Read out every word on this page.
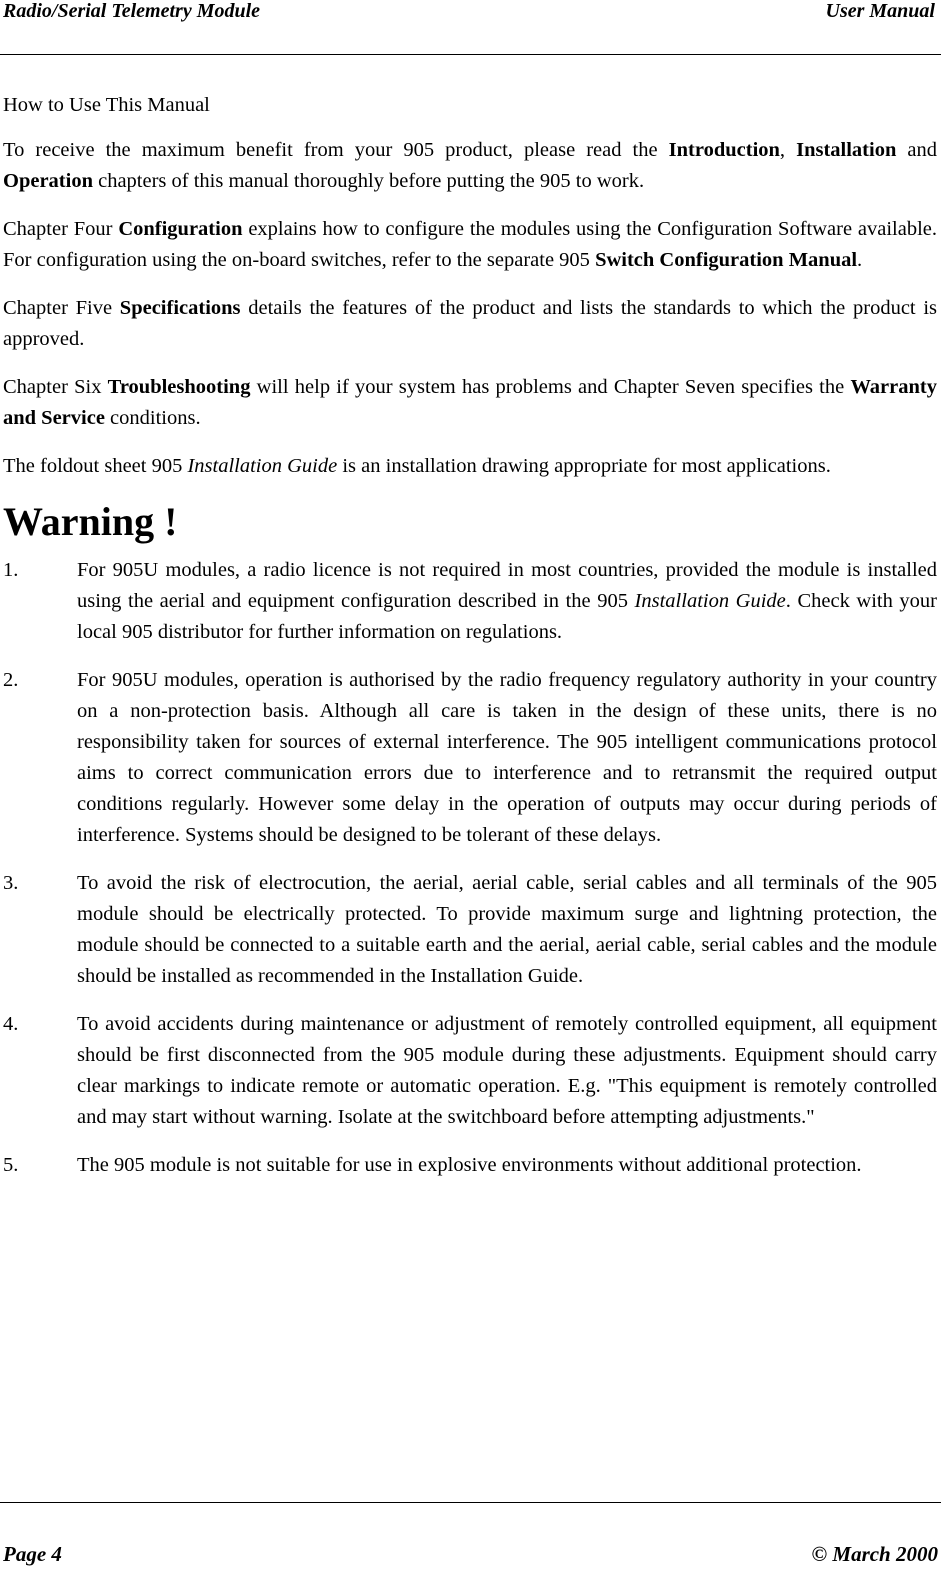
Radio/Serial Telemetry Module	User Manual

How to Use This Manual

To receive the maximum benefit from your 905 product, please read the Introduction, Installation and Operation chapters of this manual thoroughly before putting the 905 to work.

Chapter Four Configuration explains how to configure the modules using the Configuration Software available. For configuration using the on-board switches, refer to the separate 905 Switch Configuration Manual.

Chapter Five Specifications details the features of the product and lists the standards to which the product is approved.

Chapter Six Troubleshooting will help if your system has problems and Chapter Seven specifies the Warranty and Service conditions.

The foldout sheet 905 Installation Guide is an installation drawing appropriate for most applications.

Warning !
1.	For 905U modules, a radio licence is not required in most countries, provided the module is installed using the aerial and equipment configuration described in the 905 Installation Guide. Check with your local 905 distributor for further information on regulations.
2.	For 905U modules, operation is authorised by the radio frequency regulatory authority in your country on a non-protection basis. Although all care is taken in the design of these units, there is no responsibility taken for sources of external interference. The 905 intelligent communications protocol aims to correct communication errors due to interference and to retransmit the required output conditions regularly. However some delay in the operation of outputs may occur during periods of interference. Systems should be designed to be tolerant of these delays.
3.	To avoid the risk of electrocution, the aerial, aerial cable, serial cables and all terminals of the 905 module should be electrically protected. To provide maximum surge and lightning protection, the module should be connected to a suitable earth and the aerial, aerial cable, serial cables and the module should be installed as recommended in the Installation Guide.
4.	To avoid accidents during maintenance or adjustment of remotely controlled equipment, all equipment should be first disconnected from the 905 module during these adjustments. Equipment should carry clear markings to indicate remote or automatic operation. E.g. "This equipment is remotely controlled and may start without warning. Isolate at the switchboard before attempting adjustments."
5.	The 905 module is not suitable for use in explosive environments without additional protection.
Page 4	© March 2000
